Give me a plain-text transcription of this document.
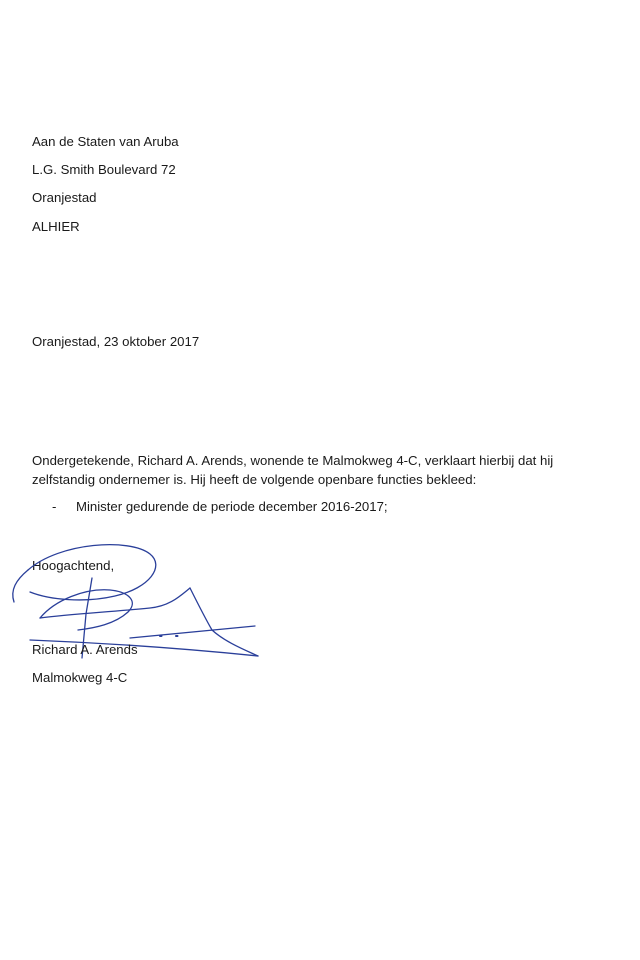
Aan de Staten van Aruba
L.G. Smith Boulevard 72
Oranjestad
ALHIER
Oranjestad, 23 oktober 2017

Ondergetekende, Richard A. Arends, wonende te Malmokweg 4-C, verklaart hierbij dat hij zelfstandig ondernemer is. Hij heeft de volgende openbare functies bekleed:

- Minister gedurende de periode december 2016-2017;
Hoogachtend,
Richard A. Arends
Malmokweg 4-C
